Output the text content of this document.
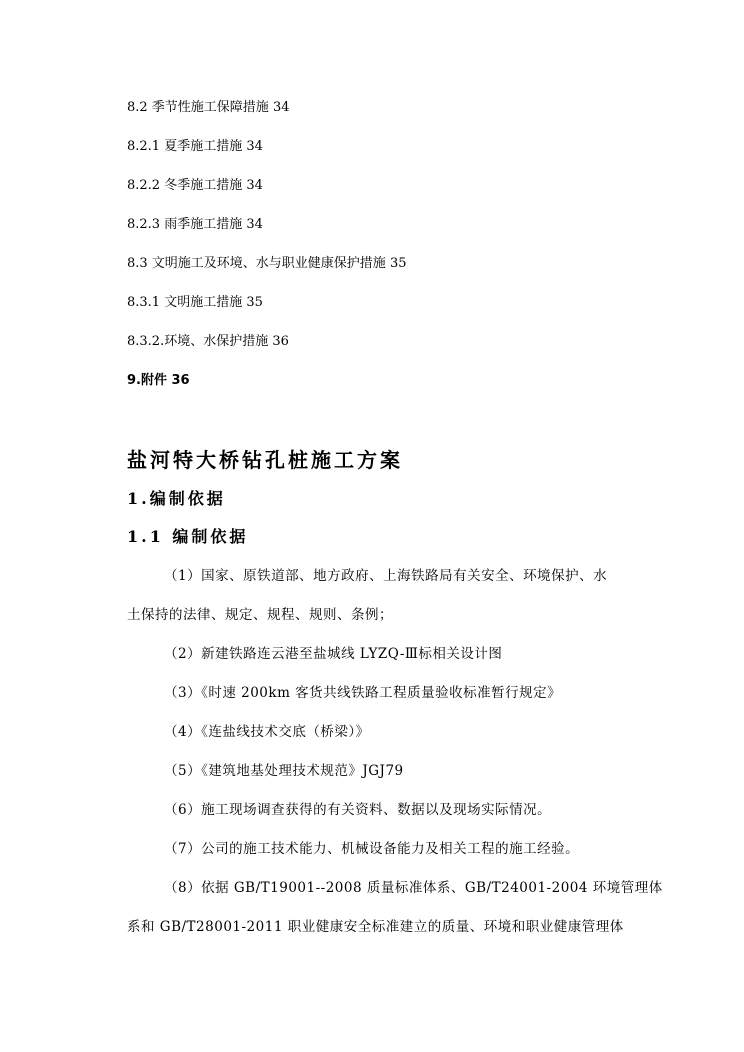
8.2 季节性施工保障措施 34
8.2.1 夏季施工措施 34
8.2.2 冬季施工措施 34
8.2.3 雨季施工措施 34
8.3 文明施工及环境、水与职业健康保护措施 35
8.3.1 文明施工措施 35
8.3.2.环境、水保护措施 36
9.附件 36
盐河特大桥钻孔桩施工方案
1.编制依据
1.1 编制依据
（1）国家、原铁道部、地方政府、上海铁路局有关安全、环境保护、水
土保持的法律、规定、规程、规则、条例；
（2）新建铁路连云港至盐城线 LYZQ-Ⅲ标相关设计图
（3）《时速 200km 客货共线铁路工程质量验收标准暂行规定》
（4）《连盐线技术交底（桥梁）》
（5）《建筑地基处理技术规范》JGJ79
（6）施工现场调查获得的有关资料、数据以及现场实际情况。
（7）公司的施工技术能力、机械设备能力及相关工程的施工经验。
（8）依据 GB/T19001--2008 质量标准体系、GB/T24001-2004 环境管理体
系和 GB/T28001-2011 职业健康安全标准建立的质量、环境和职业健康管理体
